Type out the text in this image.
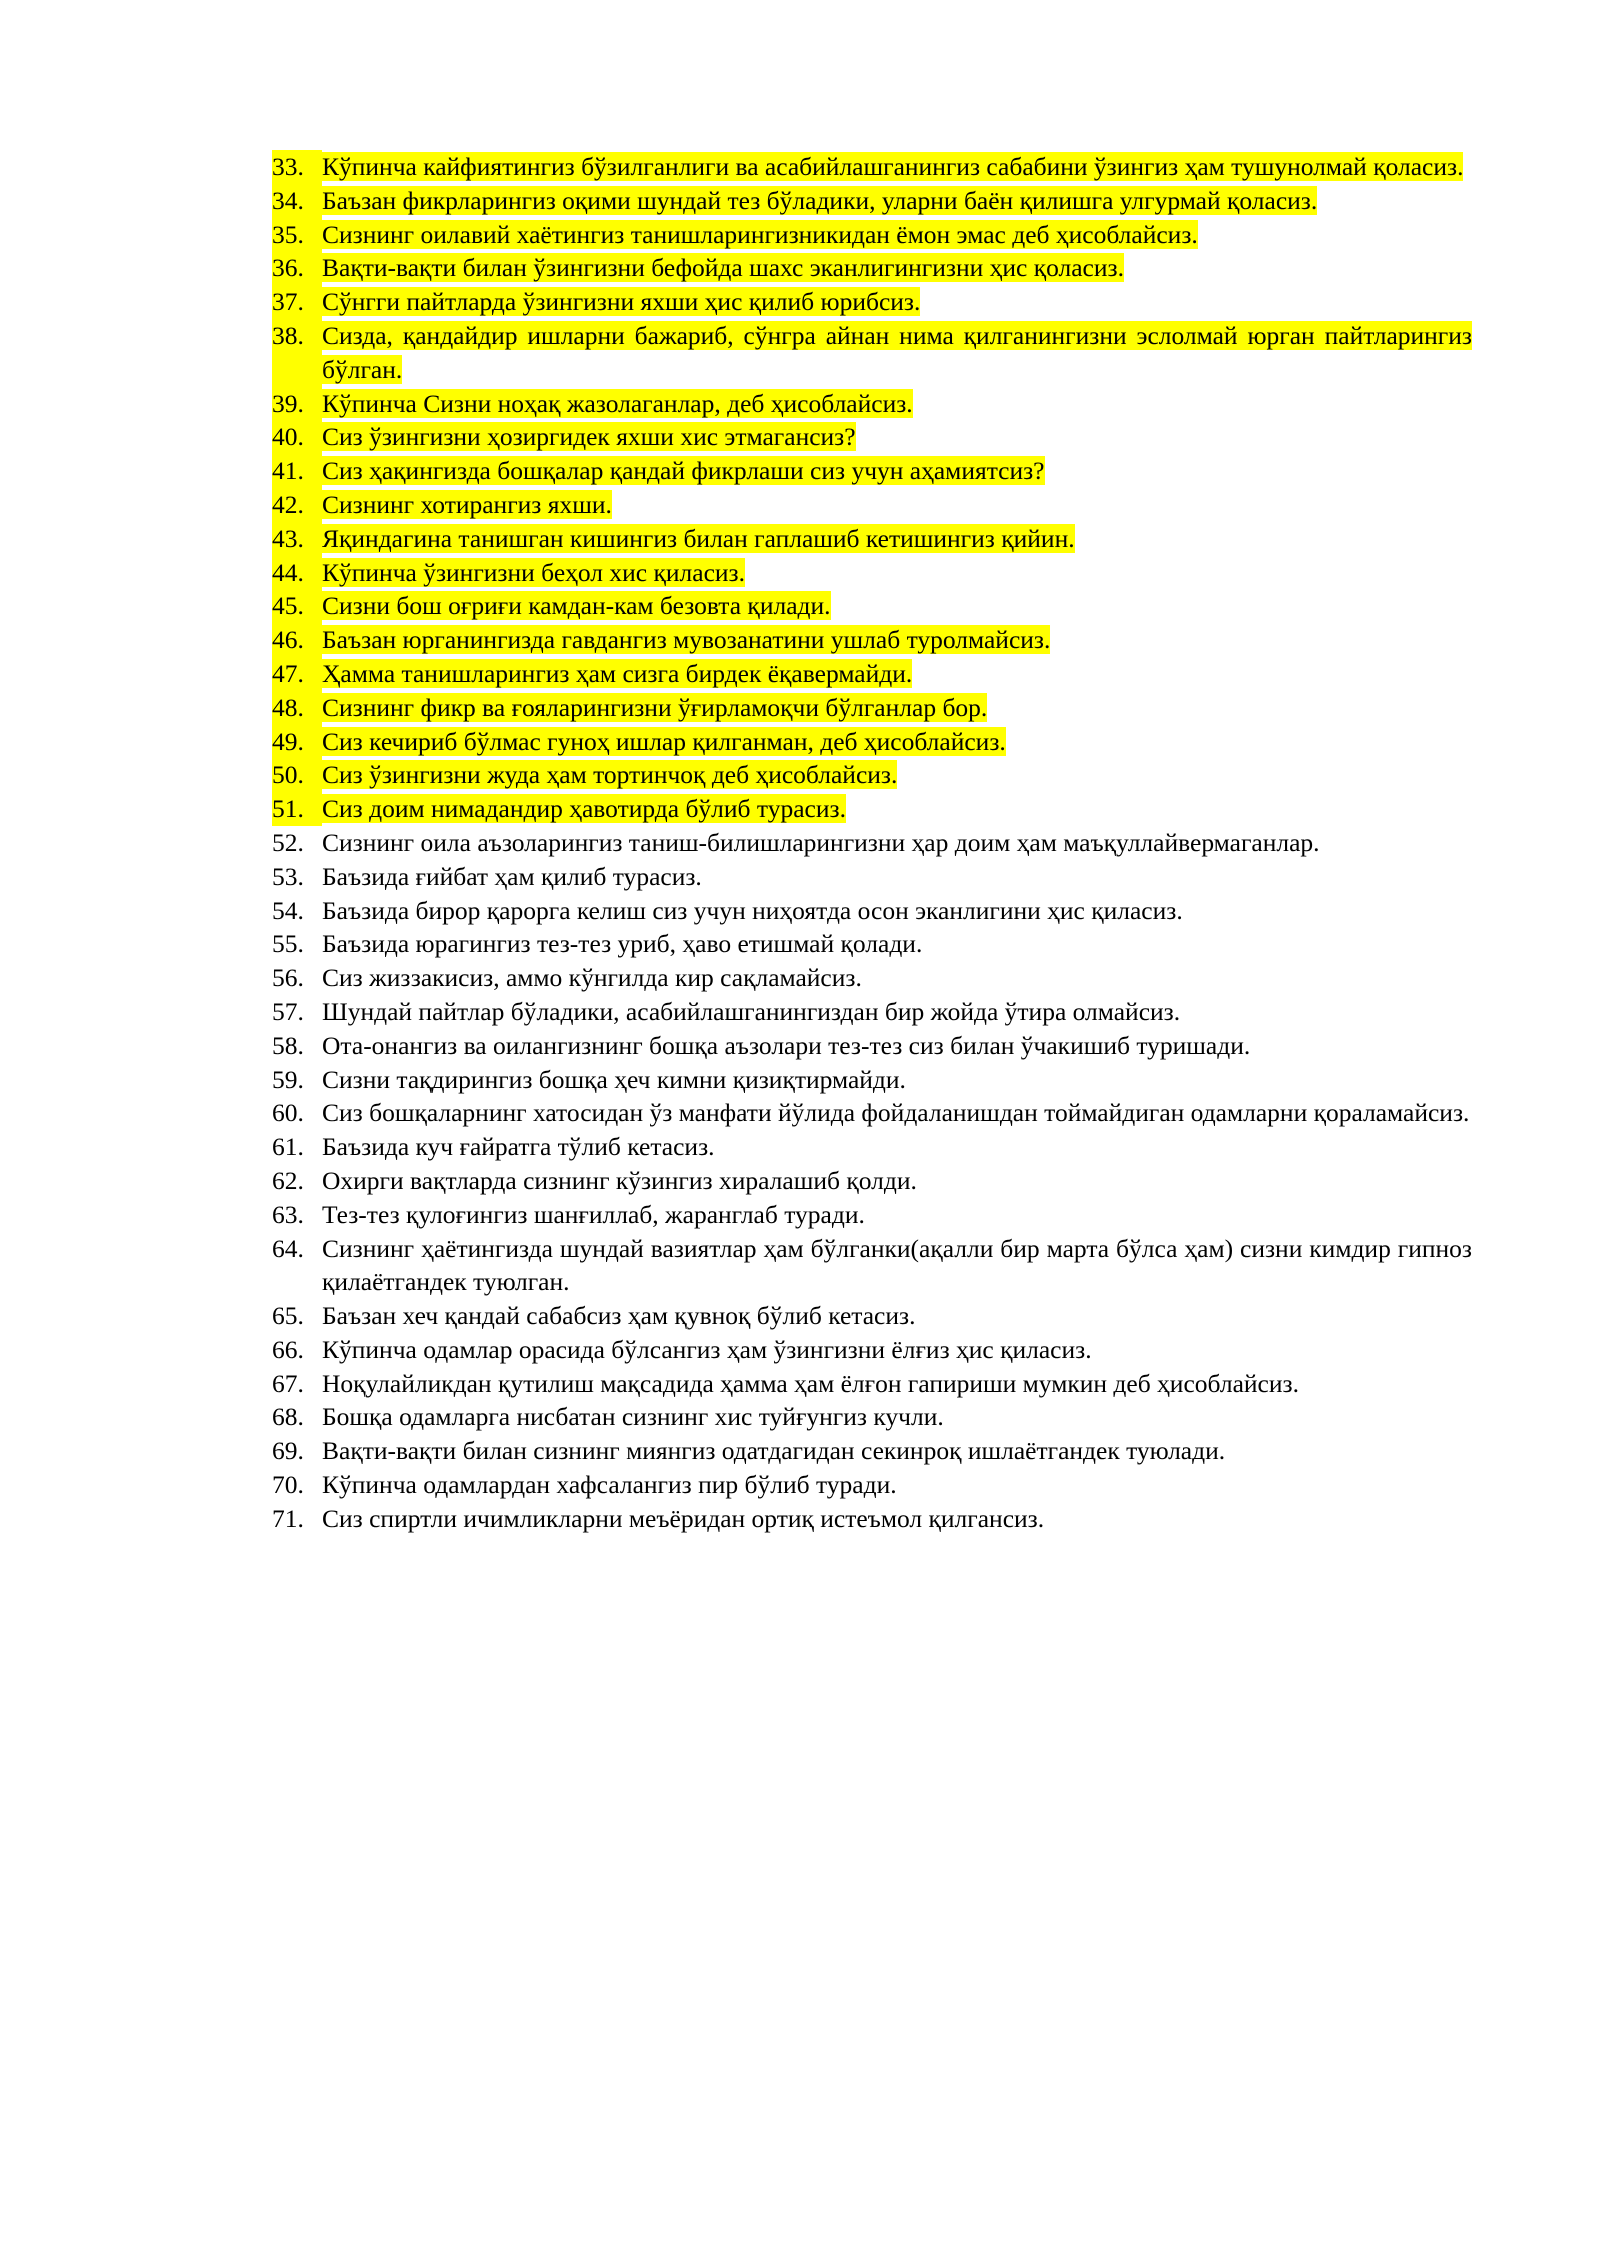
33. Кўпинча кайфиятингиз бўзилганлиги ва асабийлашганингиз сабабини ўзингиз ҳам тушунолмай қоласиз.
34. Баъзан фикрларингиз оқими шундай тез бўладики, уларни баён қилишга улгурмай қоласиз.
35. Сизнинг оилавий хаётингиз танишларингизникидан ёмон эмас деб ҳисоблайсиз.
36. Вақти-вақти билан ўзингизни бефойда шахс эканлигингизни ҳис қоласиз.
37. Сўнгги пайтларда ўзингизни яхши ҳис қилиб юрибсиз.
38. Сизда, қандайдир ишларни бажариб, сўнгра айнан нима қилганингизни эслолмай юрган пайтларингиз бўлган.
39. Кўпинча Сизни ноҳақ жазолаганлар, деб ҳисоблайсиз.
40. Сиз ўзингизни ҳозиргидек яхши хис этмагансиз?
41. Сиз ҳақингизда бошқалар қандай фикрлаши сиз учун аҳамиятсиз?
42. Сизнинг хотирангиз яхши.
43. Яқиндагина танишган кишингиз билан гаплашиб кетишингиз қийин.
44. Кўпинча ўзингизни беҳол хис қиласиз.
45. Сизни бош оғриғи камдан-кам безовта қилади.
46. Баъзан юрганингизда гавдангиз мувозанатини ушлаб туролмайсиз.
47. Ҳамма танишларингиз ҳам сизга бирдек ёқавермайди.
48. Сизнинг фикр ва ғояларингизни ўғирламоқчи бўлганлар бор.
49. Сиз кечириб бўлмас гуноҳ ишлар қилганман, деб ҳисоблайсиз.
50. Сиз ўзингизни жуда ҳам тортинчоқ деб ҳисоблайсиз.
51. Сиз доим нимадандир ҳавотирда бўлиб турасиз.
52. Сизнинг оила аъзоларингиз таниш-билишларингизни ҳар доим ҳам маъқуллайвермаганлар.
53. Баъзида ғийбат ҳам қилиб турасиз.
54. Баъзида бирор қарорга келиш сиз учун ниҳоятда осон эканлигини ҳис қиласиз.
55. Баъзида юрагингиз тез-тез уриб, ҳаво етишмай қолади.
56. Сиз жиззакисиз, аммо кўнгилда кир сақламайсиз.
57. Шундай пайтлар бўладики, асабийлашганингиздан бир жойда ўтира олмайсиз.
58. Ота-онангиз ва оилангизнинг бошқа аъзолари тез-тез сиз билан ўчакишиб туришади.
59. Сизни тақдирингиз бошқа ҳеч кимни қизиқтирмайди.
60. Сиз бошқаларнинг хатосидан ўз манфати йўлида фойдаланишдан тоймайдиган одамларни қораламайсиз.
61. Баъзида куч ғайратга тўлиб кетасиз.
62. Охирги вақтларда сизнинг кўзингиз хиралашиб қолди.
63. Тез-тез қулоғингиз шанғиллаб, жаранглаб туради.
64. Сизнинг ҳаётингизда шундай вазиятлар ҳам бўлганки(ақалли бир марта бўлса ҳам) сизни кимдир гипноз қилаётгандек туюлган.
65. Баъзан хеч қандай сабабсиз ҳам қувноқ бўлиб кетасиз.
66. Кўпинча одамлар орасида бўлсангиз ҳам ўзингизни ёлғиз ҳис қиласиз.
67. Ноқулайликдан қутилиш мақсадида ҳамма ҳам ёлғон гапириши мумкин деб ҳисоблайсиз.
68. Бошқа одамларга нисбатан сизнинг хис туйғунгиз кучли.
69. Вақти-вақти билан сизнинг миянгиз одатдагидан секинроқ ишлаётгандек туюлади.
70. Кўпинча одамлардан хафсалангиз пир бўлиб туради.
71. Сиз спиртли ичимликларни меъёридан ортиқ истеъмол қилгансиз.
